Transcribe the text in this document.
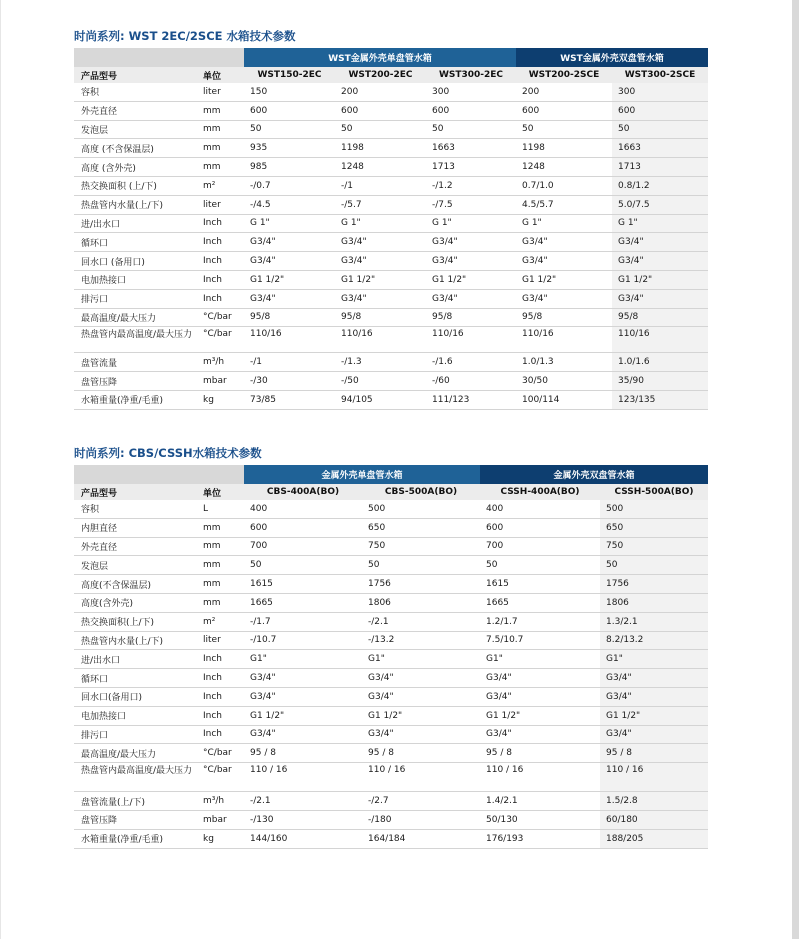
时尚系列: WST 2EC/2SCE 水箱技术参数
		WST金属外壳单盘管水箱			WST金属外壳双盘管水箱	
产品型号	单位	WST150-2EC	WST200-2EC	WST300-2EC	WST200-2SCE	WST300-2SCE
容积	liter	150	200	300	200	300
外壳直径	mm	600	600	600	600	600
发泡层	mm	50	50	50	50	50
高度 (不含保温层)	mm	935	1198	1663	1198	1663
高度 (含外壳)	mm	985	1248	1713	1248	1713
热交换面积 (上/下)	m²	-/0.7	-/1	-/1.2	0.7/1.0	0.8/1.2
热盘管内水量(上/下)	liter	-/4.5	-/5.7	-/7.5	4.5/5.7	5.0/7.5
进/出水口	Inch	G 1"	G 1"	G 1"	G 1"	G 1"
循环口	Inch	G3/4"	G3/4"	G3/4"	G3/4"	G3/4"
回水口 (备用口)	Inch	G3/4"	G3/4"	G3/4"	G3/4"	G3/4"
电加热接口	Inch	G1 1/2"	G1 1/2"	G1 1/2"	G1 1/2"	G1 1/2"
排污口	Inch	G3/4"	G3/4"	G3/4"	G3/4"	G3/4"
最高温度/最大压力	°C/bar	95/8	95/8	95/8	95/8	95/8
热盘管内最高温度/最大压力	°C/bar	110/16	110/16	110/16	110/16	110/16
盘管流量	m³/h	-/1	-/1.3	-/1.6	1.0/1.3	1.0/1.6
盘管压降	mbar	-/30	-/50	-/60	30/50	35/90
水箱重量(净重/毛重)	kg	73/85	94/105	111/123	100/114	123/135
时尚系列: CBS/CSSH水箱技术参数
		金属外壳单盘管水箱		金属外壳双盘管水箱	
产品型号	单位	CBS-400A(BO)	CBS-500A(BO)	CSSH-400A(BO)	CSSH-500A(BO)
容积	L	400	500	400	500
内胆直径	mm	600	650	600	650
外壳直径	mm	700	750	700	750
发泡层	mm	50	50	50	50
高度(不含保温层)	mm	1615	1756	1615	1756
高度(含外壳)	mm	1665	1806	1665	1806
热交换面积(上/下)	m²	-/1.7	-/2.1	1.2/1.7	1.3/2.1
热盘管内水量(上/下)	liter	-/10.7	-/13.2	7.5/10.7	8.2/13.2
进/出水口	Inch	G1"	G1"	G1"	G1"
循环口	Inch	G3/4"	G3/4"	G3/4"	G3/4"
回水口(备用口)	Inch	G3/4"	G3/4"	G3/4"	G3/4"
电加热接口	Inch	G1 1/2"	G1 1/2"	G1 1/2"	G1 1/2"
排污口	Inch	G3/4"	G3/4"	G3/4"	G3/4"
最高温度/最大压力	°C/bar	95 / 8	95 / 8	95 / 8	95 / 8
热盘管内最高温度/最大压力	°C/bar	110 / 16	110 / 16	110 / 16	110 / 16
盘管流量(上/下)	m³/h	-/2.1	-/2.7	1.4/2.1	1.5/2.8
盘管压降	mbar	-/130	-/180	50/130	60/180
水箱重量(净重/毛重)	kg	144/160	164/184	176/193	188/205
